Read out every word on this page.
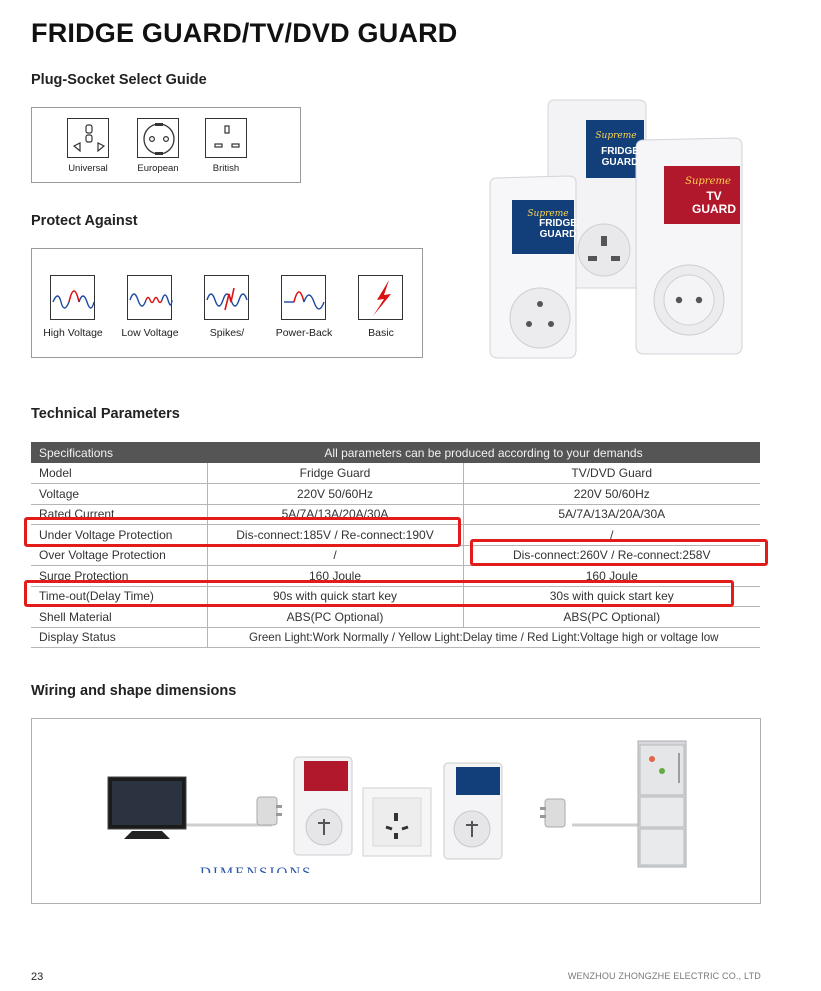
FRIDGE GUARD/TV/DVD GUARD
Plug-Socket Select Guide
Universal	European	British
Protect Against
High Voltage	Low Voltage	Spikes/	Power-Back	Basic
Supreme
FRIDGE
GUARD
Supreme
FRIDGE
GUARD
Supreme
TV
GUARD
Technical Parameters
Specifications	All parameters can be produced according to your demands	
Model	Fridge Guard	TV/DVD Guard
Voltage	220V 50/60Hz	220V 50/60Hz
Rated Current	5A/7A/13A/20A/30A	5A/7A/13A/20A/30A
Under Voltage Protection	Dis-connect:185V / Re-connect:190V	/
Over Voltage Protection	/	Dis-connect:260V / Re-connect:258V
Surge Protection	160 Joule	160 Joule
Time-out(Delay Time)	90s with quick start key	30s with quick start key
Shell Material	ABS(PC Optional)	ABS(PC Optional)
Display Status	Green Light:Work Normally / Yellow Light:Delay time / Red Light:Voltage high or voltage low	
Wiring and shape dimensions
23	WENZHOU ZHONGZHE ELECTRIC CO., LTD
